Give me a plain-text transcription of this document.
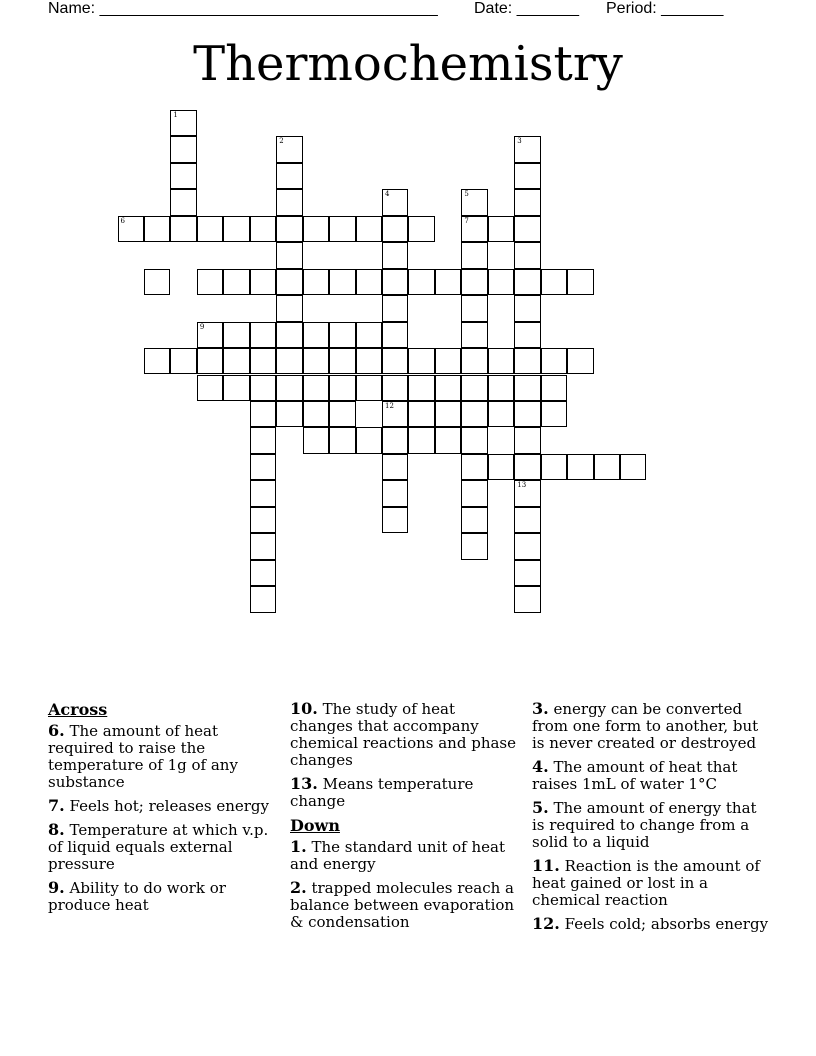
Name: ______________________________________

Date: _______

Period: _______

Thermochemistry
1
2	3
13
4
12
5
7
6
9
Across
6. The amount of heat required to raise the temperature of 1g of any substance
7. Feels hot; releases energy
8. Temperature at which v.p. of liquid equals external pressure
9. Ability to do work or produce heat
10. The study of heat changes that accompany chemical reactions and phase changes
13. Means temperature change
Down
1. The standard unit of heat and energy
2. trapped molecules reach a balance between evaporation & condensation
3. energy can be converted from one form to another, but is never created or destroyed
4. The amount of heat that raises 1mL of water 1°C
5. The amount of energy that is required to change from a solid to a liquid
11. Reaction is the amount of heat gained or lost in a chemical reaction
12. Feels cold; absorbs energy
